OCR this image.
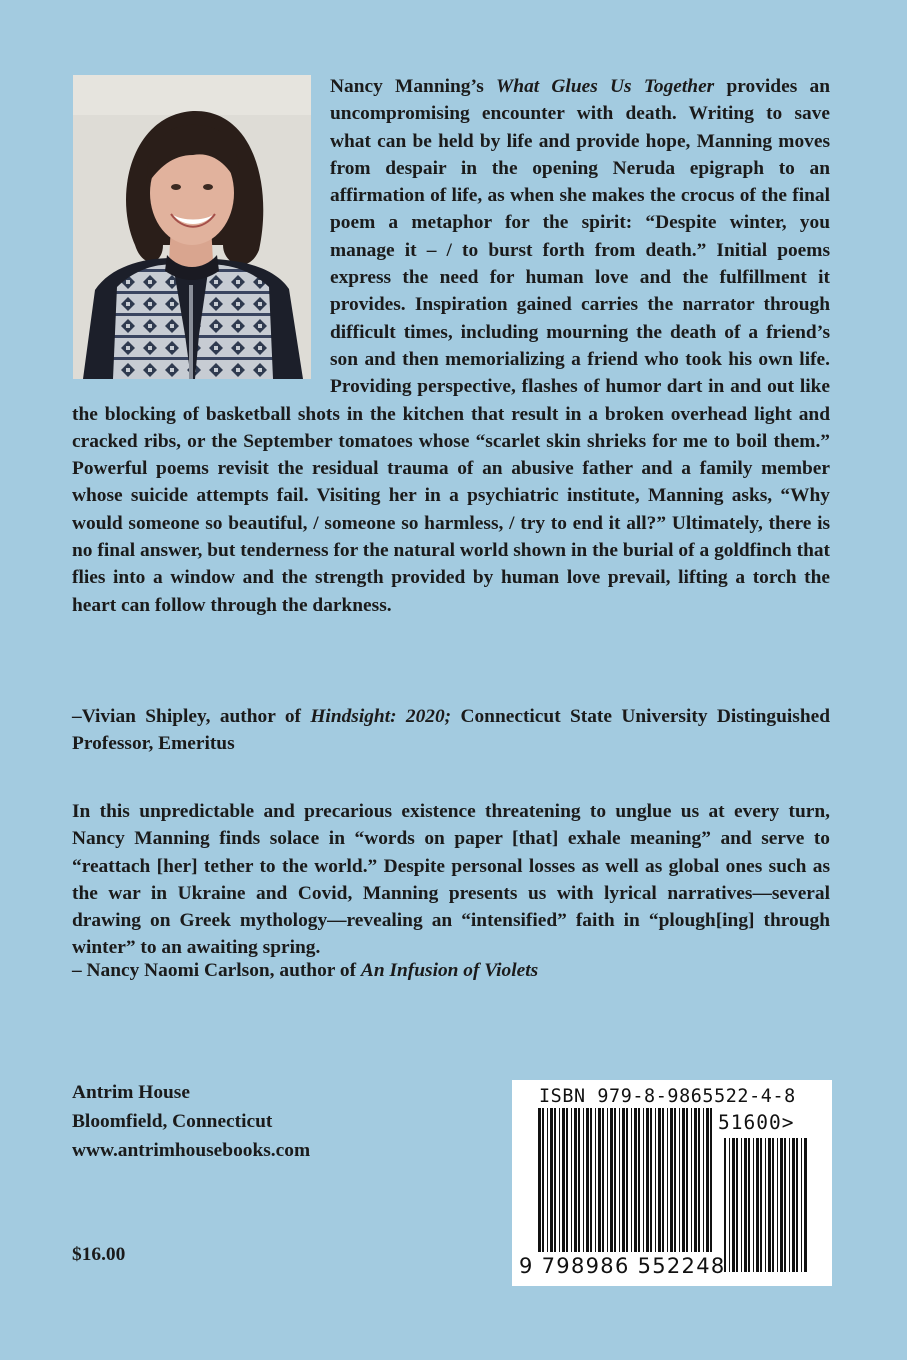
Nancy Manning’s What Glues Us Together provides an uncompromising encounter with death. Writing to save what can be held by life and provide hope, Manning moves from despair in the opening Neruda epigraph to an affirmation of life, as when she makes the crocus of the final poem a metaphor for the spirit: “Despite winter, you manage it – / to burst forth from death.” Initial poems express the need for human love and the fulfillment it provides. Inspiration gained carries the narrator through difficult times, including mourning the death of a friend’s son and then memorializing a friend who took his own life. Providing perspective, flashes of humor dart in and out like the blocking of basketball shots in the kitchen that result in a broken overhead light and cracked ribs, or the September tomatoes whose “scarlet skin shrieks for me to boil them.” Powerful poems revisit the residual trauma of an abusive father and a family member whose suicide attempts fail. Visiting her in a psychiatric institute, Manning asks, “Why would someone so beautiful, / someone so harmless, / try to end it all?” Ultimately, there is no final answer, but tenderness for the natural world shown in the burial of a goldfinch that flies into a window and the strength provided by human love prevail, lifting a torch the heart can follow through the darkness.

–Vivian Shipley, author of Hindsight: 2020; Connecticut State University Distinguished Professor, Emeritus

In this unpredictable and precarious existence threatening to unglue us at every turn, Nancy Manning finds solace in “words on paper [that] exhale meaning” and serve to “reattach [her] tether to the world.” Despite personal losses as well as global ones such as the war in Ukraine and Covid, Manning presents us with lyrical narratives—several drawing on Greek mythology—revealing an “intensified” faith in “plough[ing] through winter” to an awaiting spring.

– Nancy Naomi Carlson, author of An Infusion of Violets

Antrim House
Bloomfield, Connecticut
www.antrimhousebooks.com
$16.00
ISBN 979-8-9865522-4-8
51600>
9 798986 552248
